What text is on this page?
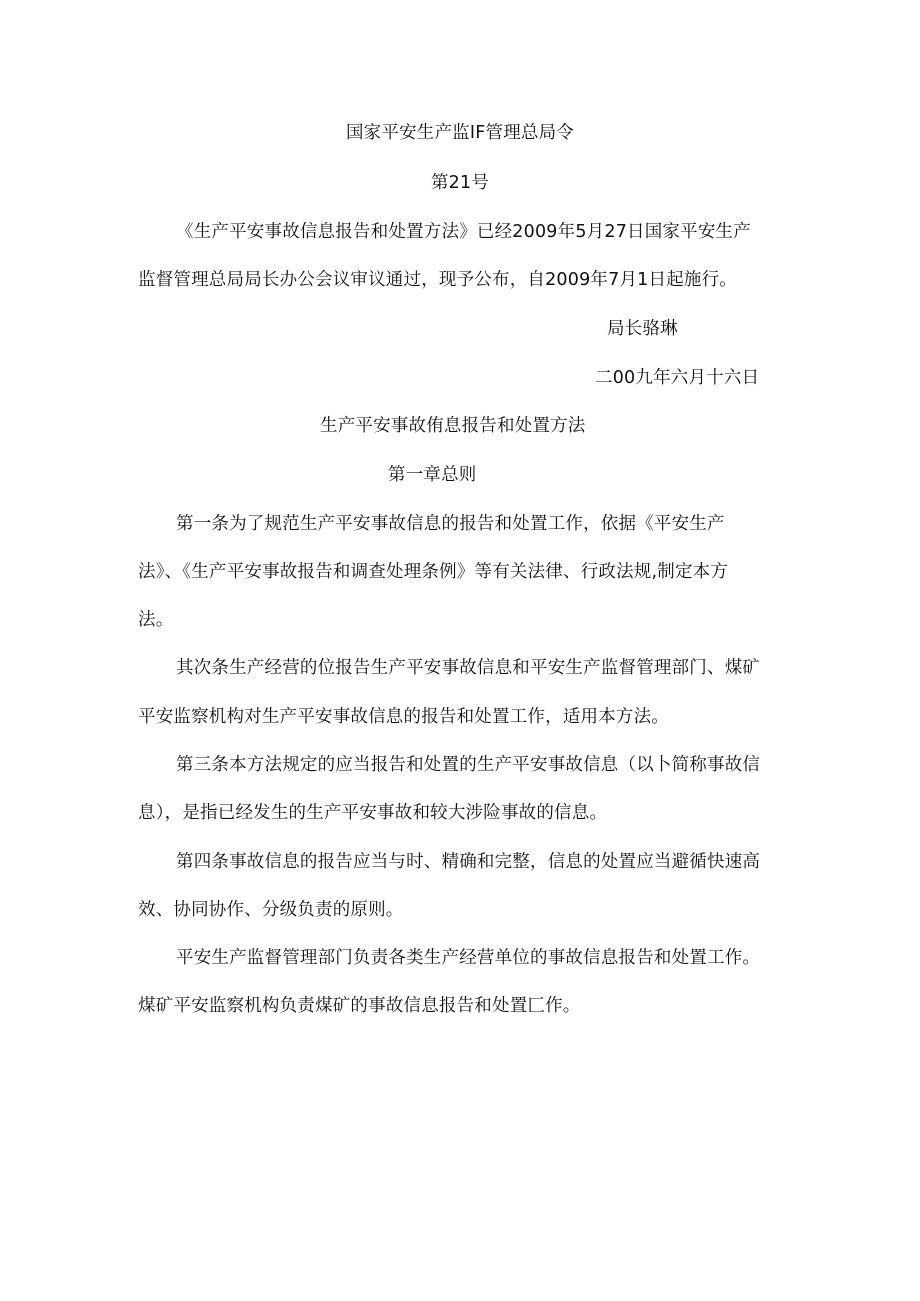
国家平安生产监IF管理总局令
第21号
《生产平安事故信息报告和处置方法》已经2009年5月27日国家平安生产
监督管理总局局长办公会议审议通过，现予公布，自2009年7月1日起施行。
局长骆琳
二00九年六月十六日
生产平安事故侑息报告和处置方法
第一章总则
第一条为了规范生产平安事故信息的报告和处置工作，依据《平安生产
法》、《生产平安事故报告和调查处理条例》等有关法律、行政法规,制定本方
法。
其次条生产经营的位报告生产平安事故信息和平安生产监督管理部门、煤矿
平安监察机构对生产平安事故信息的报告和处置工作，适用本方法。
第三条本方法规定的应当报告和处置的生产平安事故信息（以卜简称事故信
息），是指已经发生的生产平安事故和较大涉险事故的信息。
第四条事故信息的报告应当与时、精确和完整，信息的处置应当避循快速高
效、协同协作、分级负责的原则。
平安生产监督管理部门负责各类生产经营单位的事故信息报告和处置工作。
煤矿平安监察机构负责煤矿的事故信息报告和处置匚作。
